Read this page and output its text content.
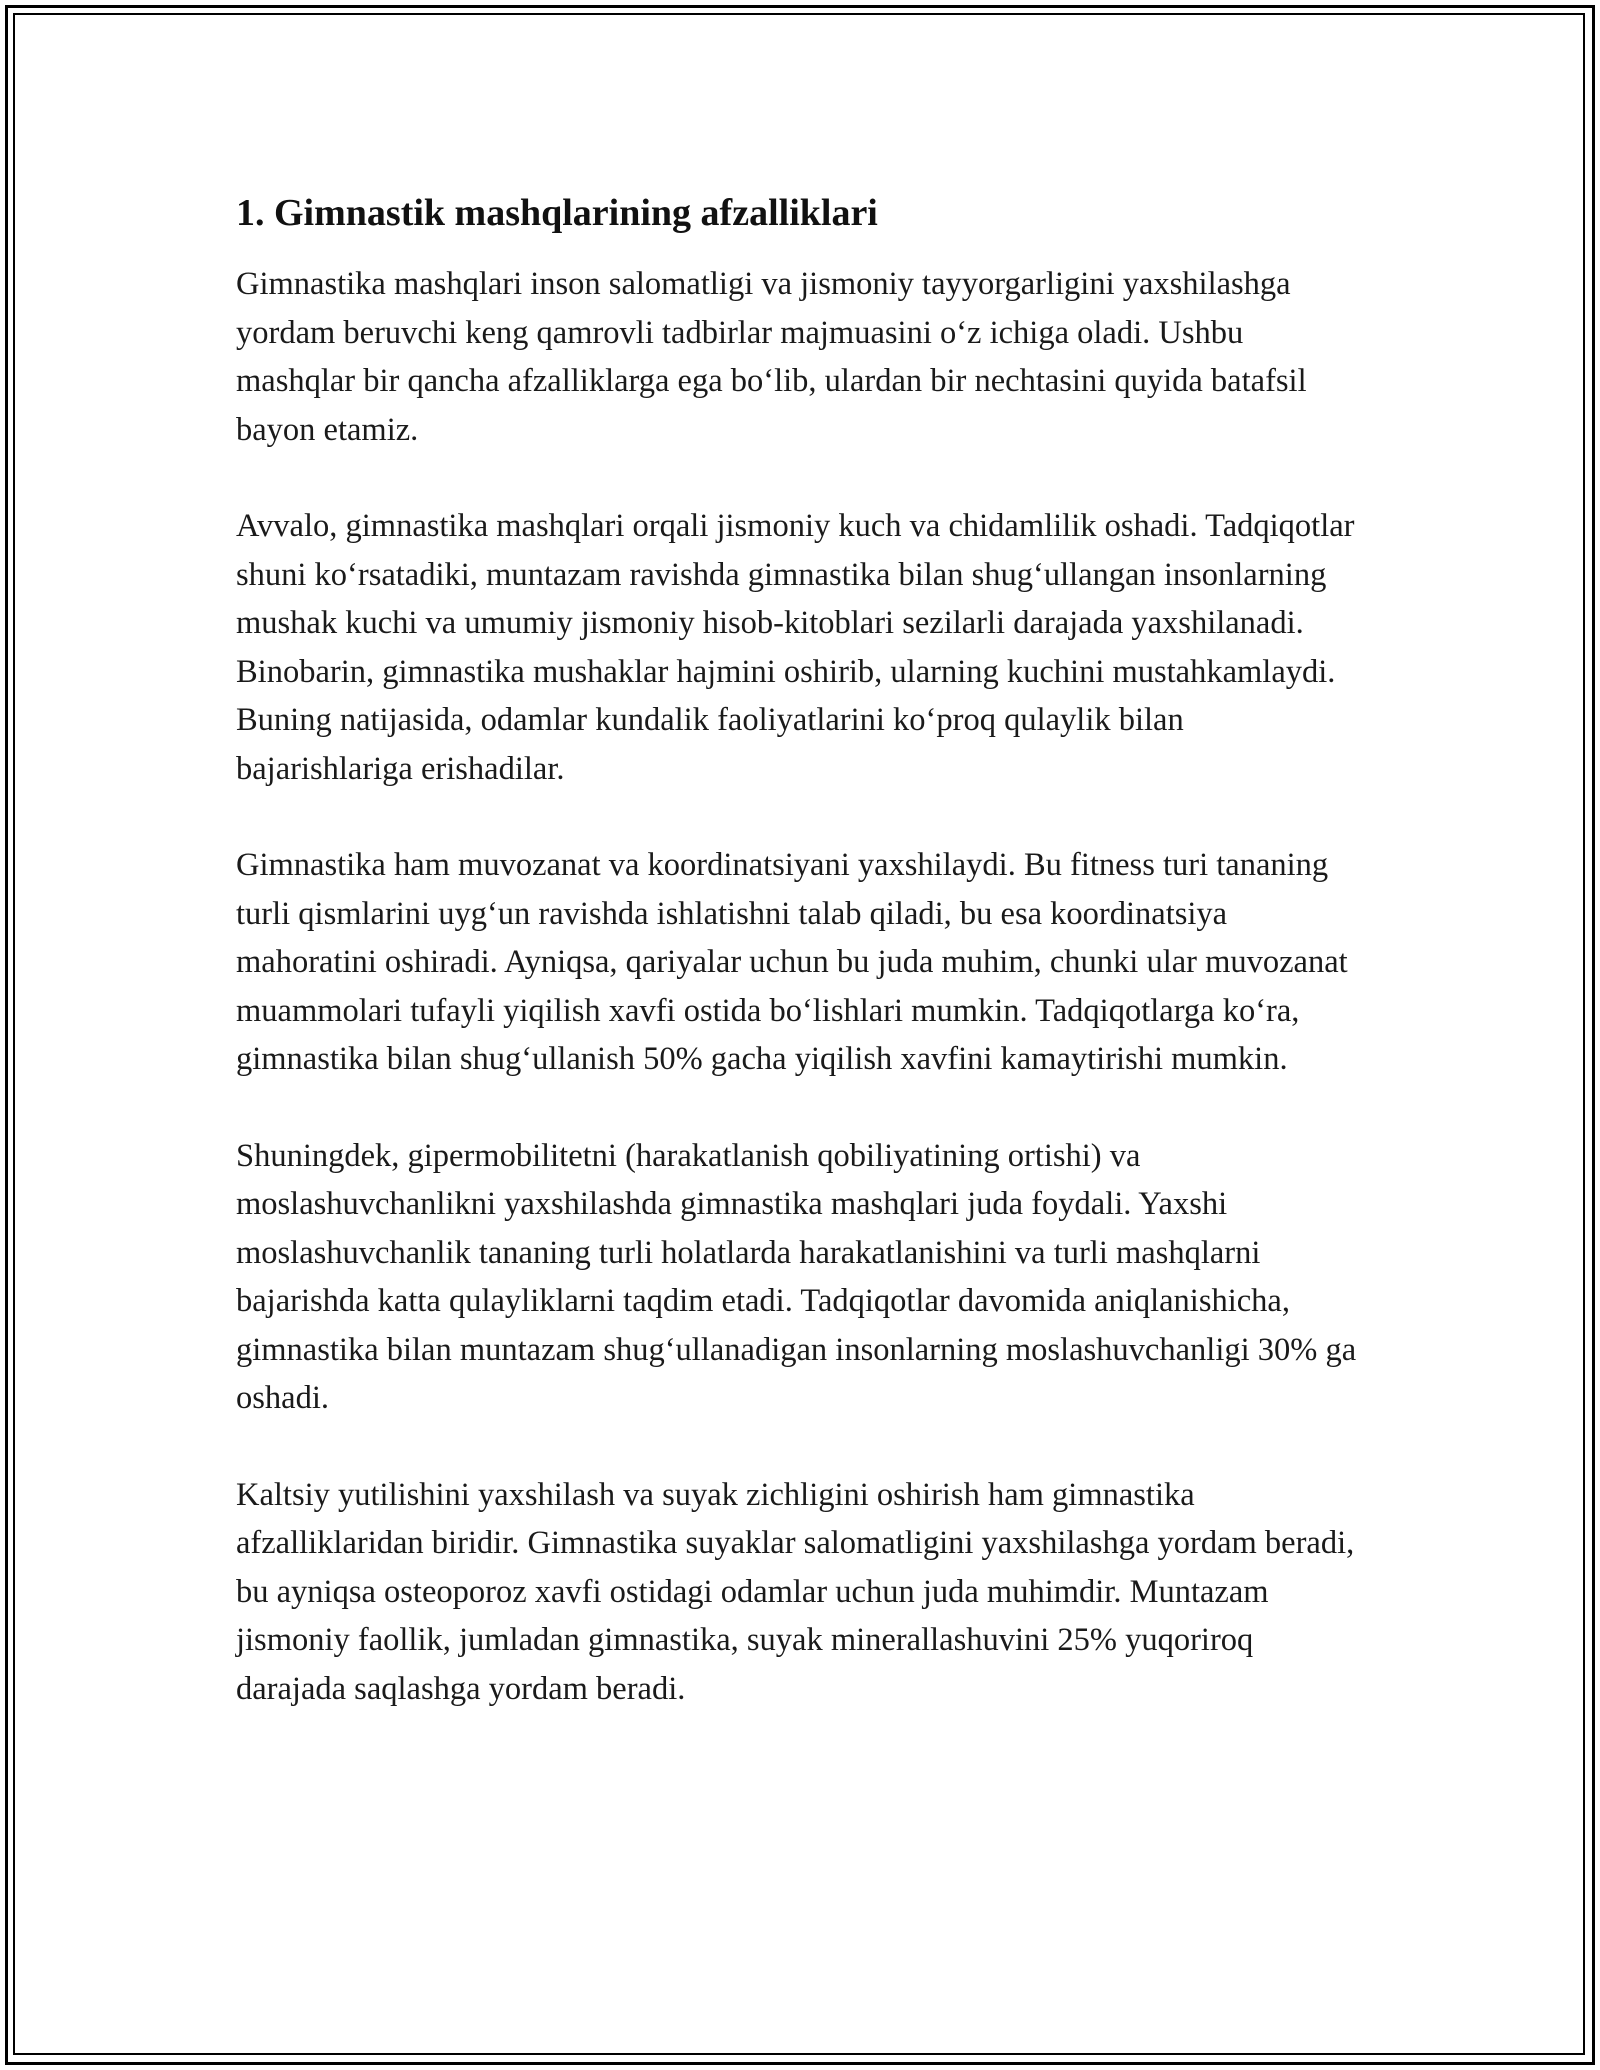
1. Gimnastik mashqlarining afzalliklari

Gimnastika mashqlari inson salomatligi va jismoniy tayyorgarligini yaxshilashga yordam beruvchi keng qamrovli tadbirlar majmuasini o‘z ichiga oladi. Ushbu mashqlar bir qancha afzalliklarga ega bo‘lib, ulardan bir nechtasini quyida batafsil bayon etamiz.

Avvalo, gimnastika mashqlari orqali jismoniy kuch va chidamlilik oshadi. Tadqiqotlar shuni ko‘rsatadiki, muntazam ravishda gimnastika bilan shug‘ullangan insonlarning mushak kuchi va umumiy jismoniy hisob-kitoblari sezilarli darajada yaxshilanadi. Binobarin, gimnastika mushaklar hajmini oshirib, ularning kuchini mustahkamlaydi. Buning natijasida, odamlar kundalik faoliyatlarini ko‘proq qulaylik bilan bajarishlariga erishadilar.

Gimnastika ham muvozanat va koordinatsiyani yaxshilaydi. Bu fitness turi tananing turli qismlarini uyg‘un ravishda ishlatishni talab qiladi, bu esa koordinatsiya mahoratini oshiradi. Ayniqsa, qariyalar uchun bu juda muhim, chunki ular muvozanat muammolari tufayli yiqilish xavfi ostida bo‘lishlari mumkin. Tadqiqotlarga ko‘ra, gimnastika bilan shug‘ullanish 50% gacha yiqilish xavfini kamaytirishi mumkin.

Shuningdek, gipermobilitetni (harakatlanish qobiliyatining ortishi) va moslashuvchanlikni yaxshilashda gimnastika mashqlari juda foydali. Yaxshi moslashuvchanlik tananing turli holatlarda harakatlanishini va turli mashqlarni bajarishda katta qulayliklarni taqdim etadi. Tadqiqotlar davomida aniqlanishicha, gimnastika bilan muntazam shug‘ullanadigan insonlarning moslashuvchanligi 30% ga oshadi.

Kaltsiy yutilishini yaxshilash va suyak zichligini oshirish ham gimnastika afzalliklaridan biridir. Gimnastika suyaklar salomatligini yaxshilashga yordam beradi, bu ayniqsa osteoporoz xavfi ostidagi odamlar uchun juda muhimdir. Muntazam jismoniy faollik, jumladan gimnastika, suyak minerallashuvini 25% yuqoriroq darajada saqlashga yordam beradi.
